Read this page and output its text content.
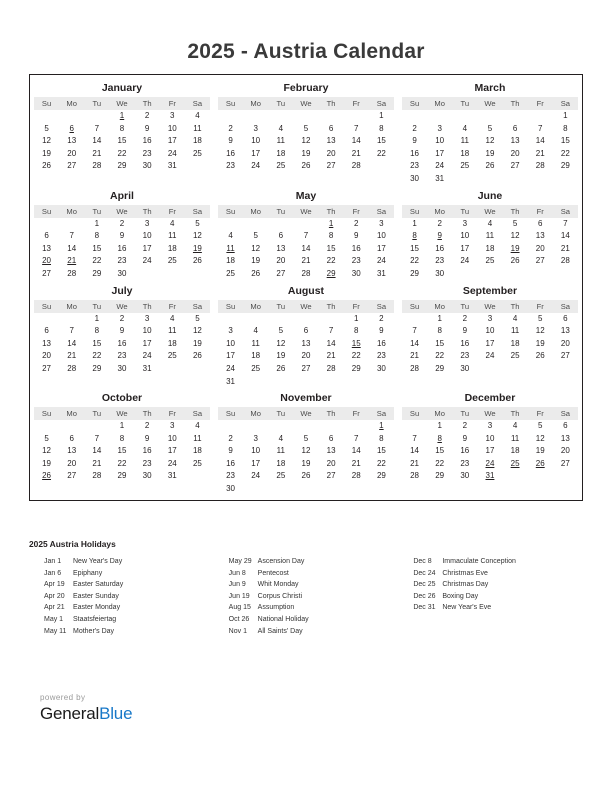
2025 - Austria Calendar
January
Su	Mo	Tu	We	Th	Fr	Sa
			1	2	3	4
5	6	7	8	9	10	11
12	13	14	15	16	17	18
19	20	21	22	23	24	25
26	27	28	29	30	31	
February
Su	Mo	Tu	We	Th	Fr	Sa
						1
2	3	4	5	6	7	8
9	10	11	12	13	14	15
16	17	18	19	20	21	22
23	24	25	26	27	28	
March
Su	Mo	Tu	We	Th	Fr	Sa
						1
2	3	4	5	6	7	8
9	10	11	12	13	14	15
16	17	18	19	20	21	22
23	24	25	26	27	28	29
30	31					
April
Su	Mo	Tu	We	Th	Fr	Sa
		1	2	3	4	5
6	7	8	9	10	11	12
13	14	15	16	17	18	19
20	21	22	23	24	25	26
27	28	29	30			
May
Su	Mo	Tu	We	Th	Fr	Sa
				1	2	3
4	5	6	7	8	9	10
11	12	13	14	15	16	17
18	19	20	21	22	23	24
25	26	27	28	29	30	31
June
Su	Mo	Tu	We	Th	Fr	Sa
1	2	3	4	5	6	7
8	9	10	11	12	13	14
15	16	17	18	19	20	21
22	23	24	25	26	27	28
29	30					
July
Su	Mo	Tu	We	Th	Fr	Sa
		1	2	3	4	5
6	7	8	9	10	11	12
13	14	15	16	17	18	19
20	21	22	23	24	25	26
27	28	29	30	31		
August
Su	Mo	Tu	We	Th	Fr	Sa
					1	2
3	4	5	6	7	8	9
10	11	12	13	14	15	16
17	18	19	20	21	22	23
24	25	26	27	28	29	30
31						
September
Su	Mo	Tu	We	Th	Fr	Sa
	1	2	3	4	5	6
7	8	9	10	11	12	13
14	15	16	17	18	19	20
21	22	23	24	25	26	27
28	29	30				
October
Su	Mo	Tu	We	Th	Fr	Sa
			1	2	3	4
5	6	7	8	9	10	11
12	13	14	15	16	17	18
19	20	21	22	23	24	25
26	27	28	29	30	31	
November
Su	Mo	Tu	We	Th	Fr	Sa
						1
2	3	4	5	6	7	8
9	10	11	12	13	14	15
16	17	18	19	20	21	22
23	24	25	26	27	28	29
30						
December
Su	Mo	Tu	We	Th	Fr	Sa
	1	2	3	4	5	6
7	8	9	10	11	12	13
14	15	16	17	18	19	20
21	22	23	24	25	26	27
28	29	30	31			
2025 Austria Holidays
Jan 1	New Year's Day
Jan 6	Epiphany
Apr 19	Easter Saturday
Apr 20	Easter Sunday
Apr 21	Easter Monday
May 1	Staatsfeiertag
May 11 Mother's Day
May 29 Ascension Day
Jun 8	Pentecost
Jun 9	Whit Monday
Jun 19	Corpus Christi
Aug 15 Assumption
Oct 26	National Holiday
Nov 1	All Saints' Day
Dec 8	Immaculate Conception
Dec 24 Christmas Eve
Dec 25 Christmas Day
Dec 26 Boxing Day
Dec 31 New Year's Eve
powered by
GeneralBlue
